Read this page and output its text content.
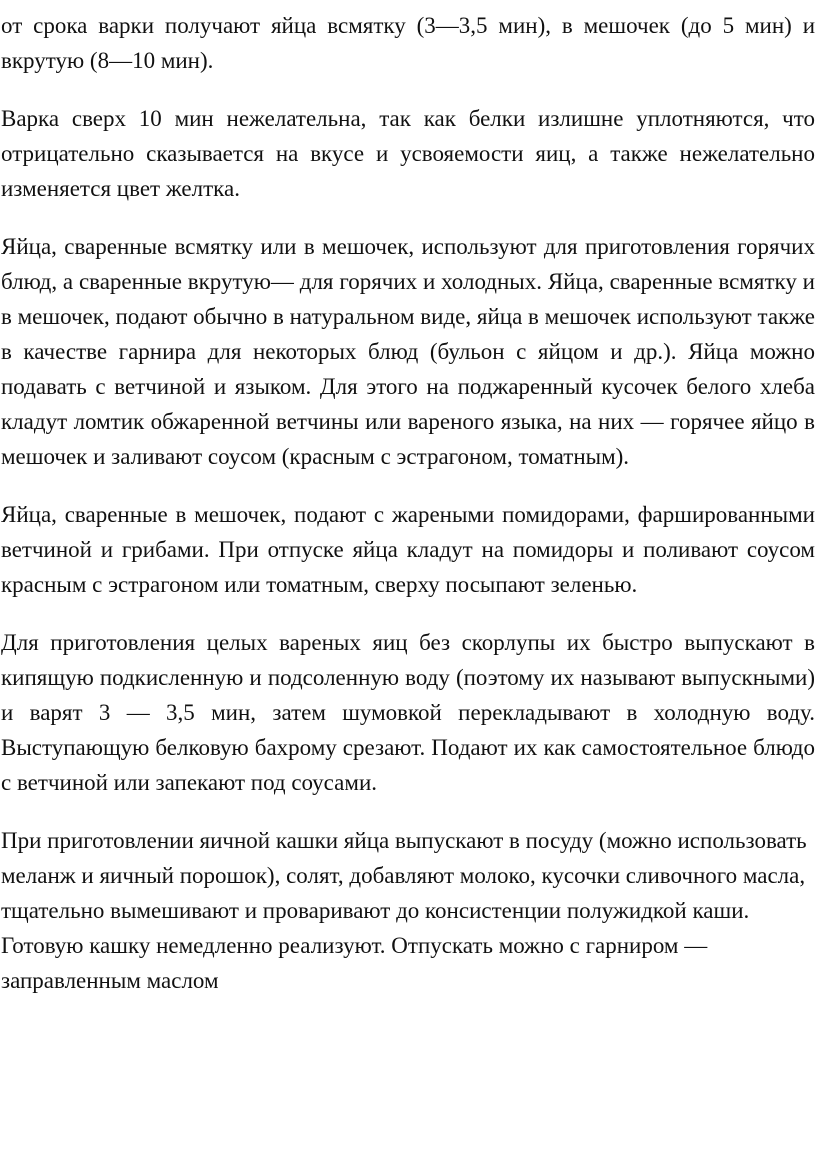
от срока варки получают яйца всмятку (3—3,5 мин), в мешочек (до 5 мин) и вкрутую (8—10 мин).

Варка сверх 10 мин нежелательна, так как белки излишне уплотняются, что отрицательно сказывается на вкусе и усвояемости яиц, а также нежелательно изменяется цвет желтка.

Яйца, сваренные всмятку или в мешочек, используют для приготовления горячих блюд, а сваренные вкрутую— для горячих и холодных. Яйца, сваренные всмятку и в мешочек, подают обычно в натуральном виде, яйца в мешочек используют также в качестве гарнира для некоторых блюд (бульон с яйцом и др.). Яйца можно подавать с ветчиной и языком. Для этого на поджаренный кусочек белого хлеба кладут ломтик обжаренной ветчины или вареного языка, на них — горячее яйцо в мешочек и заливают соусом (красным с эстрагоном, томатным).

Яйца, сваренные в мешочек, подают с жареными помидорами, фаршированными ветчиной и грибами. При отпуске яйца кладут на помидоры и поливают соусом красным с эстрагоном или томатным, сверху посыпают зеленью.

Для приготовления целых вареных яиц без скорлупы их быстро выпускают в кипящую подкисленную и подсоленную воду (поэтому их называют выпускными) и варят 3 — 3,5 мин, затем шумовкой перекладывают в холодную воду. Выступающую белковую бахрому срезают. Подают их как самостоятельное блюдо с ветчиной или запекают под соусами.

При приготовлении яичной кашки яйца выпускают в посуду (можно использовать меланж и яичный порошок), солят, добавляют молоко, кусочки сливочного масла, тщательно вымешивают и проваривают до консистенции полужидкой каши. Готовую кашку немедленно реализуют. Отпускать можно с гарниром — заправленным маслом
